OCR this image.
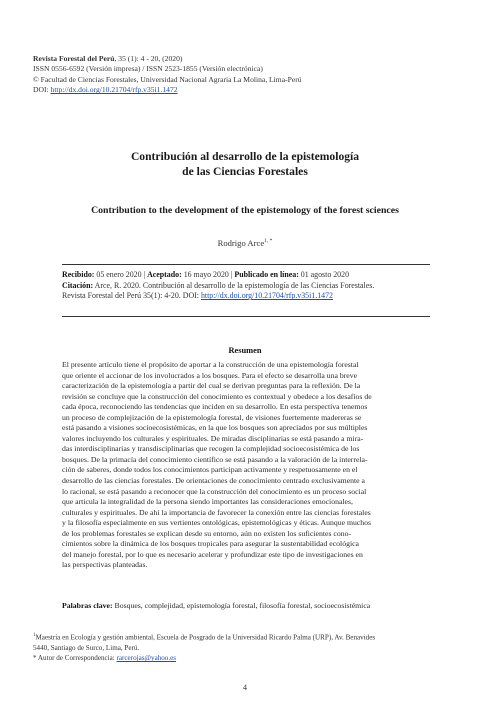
Revista Forestal del Perú, 35 (1): 4 - 20, (2020)
ISSN 0556-6592 (Versión impresa) / ISSN 2523-1855 (Versión electrónica)
© Facultad de Ciencias Forestales, Universidad Nacional Agraria La Molina, Lima-Perú
DOI: http://dx.doi.org/10.21704/rfp.v35i1.1472
Contribución al desarrollo de la epistemología
de las Ciencias Forestales
Contribution to the development of the epistemology of the forest sciences
Rodrigo Arce$^{1, *}$
Recibido: 05 enero 2020 | Aceptado: 16 mayo 2020 | Publicado en línea: 01 agosto 2020
Citación: Arce, R. 2020. Contribución al desarrollo de la epistemología de las Ciencias Forestales.
Revista Forestal del Perú 35(1): 4-20. DOI: http://dx.doi.org/10.21704/rfp.v35i1.1472
Resumen
El presente artículo tiene el propósito de aportar a la construcción de una epistemología forestal
que oriente el accionar de los involucrados a los bosques. Para el efecto se desarrolla una breve
caracterización de la epistemología a partir del cual se derivan preguntas para la reflexión. De la
revisión se concluye que la construcción del conocimiento es contextual y obedece a los desafíos de
cada época, reconociendo las tendencias que inciden en su desarrollo. En esta perspectiva tenemos
un proceso de complejización de la epistemología forestal, de visiones fuertemente madereras se
está pasando a visiones socioecosistémicas, en la que los bosques son apreciados por sus múltiples
valores incluyendo los culturales y espirituales. De miradas disciplinarias se está pasando a mira-
das interdisciplinarias y transdisciplinarias que recogen la complejidad socioecosistémica de los
bosques. De la primacía del conocimiento científico se está pasando a la valoración de la interrela-
ción de saberes, donde todos los conocimientos participan activamente y respetuosamente en el
desarrollo de las ciencias forestales. De orientaciones de conocimiento centrado exclusivamente a
lo racional, se está pasando a reconocer que la construcción del conocimiento es un proceso social
que articula la integralidad de la persona siendo importantes las consideraciones emocionales,
culturales y espirituales. De ahí la importancia de favorecer la conexión entre las ciencias forestales
y la filosofía especialmente en sus vertientes ontológicas, epistemológicas y éticas. Aunque muchos
de los problemas forestales se explican desde su entorno, aún no existen los suficientes cono-
cimientos sobre la dinámica de los bosques tropicales para asegurar la sustentabilidad ecológica
del manejo forestal, por lo que es necesario acelerar y profundizar este tipo de investigaciones en
las perspectivas planteadas.
Palabras clave: Bosques, complejidad, epistemología forestal, filosofía forestal, socioecosistémica
$^1$Maestría en Ecología y gestión ambiental, Escuela de Posgrado de la Universidad Ricardo Palma (URP), Av. Benavides
5440, Santiago de Surco, Lima, Perú.
* Autor de Correspondencia: rarcerojas@yahoo.es
4
